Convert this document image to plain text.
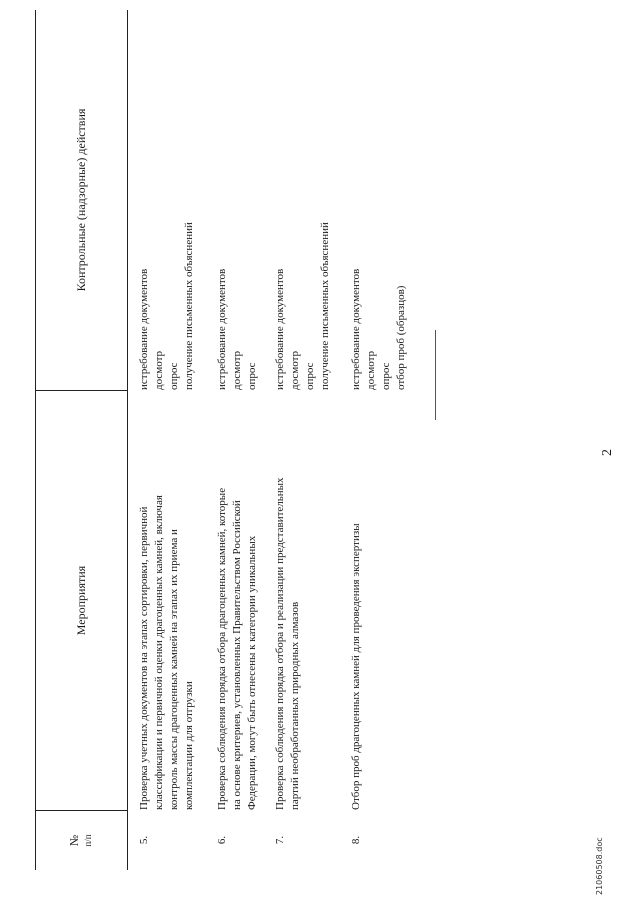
№ п/п
Мероприятия
Контрольные (надзорные) действия
5.
Проверка учетных документов на этапах сортировки, первичной
классификации и первичной оценки драгоценных камней, включая
контроль массы драгоценных камней на этапах их приема и
комплектации для отгрузки
истребование документов
досмотр
опрос
получение письменных объяснений
6.
Проверка соблюдения порядка отбора драгоценных камней, которые
на основе критериев, установленных Правительством Российской
Федерации, могут быть отнесены к категории уникальных
истребование документов
досмотр
опрос
7.
Проверка соблюдения порядка отбора и реализации представительных
партий необработанных природных алмазов
истребование документов
досмотр
опрос
получение письменных объяснений
8.
Отбор проб драгоценных камней для проведения экспертизы
истребование документов
досмотр
опрос
отбор проб (образцов)
2
21060508.doc
